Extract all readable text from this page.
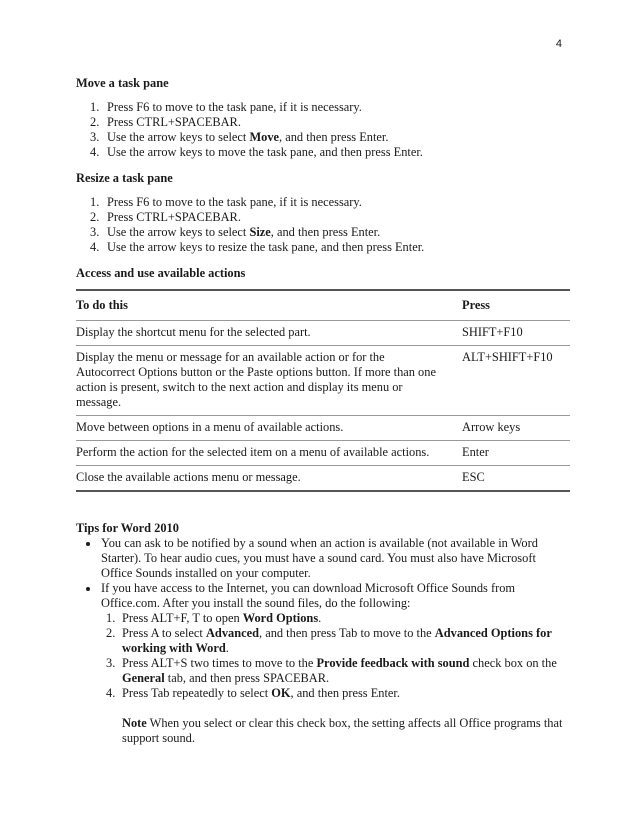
4
Move a task pane
1. Press F6 to move to the task pane, if it is necessary.
2. Press CTRL+SPACEBAR.
3. Use the arrow keys to select Move, and then press Enter.
4. Use the arrow keys to move the task pane, and then press Enter.
Resize a task pane
1. Press F6 to move to the task pane, if it is necessary.
2. Press CTRL+SPACEBAR.
3. Use the arrow keys to select Size, and then press Enter.
4. Use the arrow keys to resize the task pane, and then press Enter.
Access and use available actions
To do this	Press
Display the shortcut menu for the selected part.	SHIFT+F10
Display the menu or message for an available action or for the Autocorrect Options button or the Paste options button. If more than one action is present, switch to the next action and display its menu or message.	ALT+SHIFT+F10
Move between options in a menu of available actions.	Arrow keys
Perform the action for the selected item on a menu of available actions.	Enter
Close the available actions menu or message.	ESC
Tips for Word 2010
You can ask to be notified by a sound when an action is available (not available in Word Starter). To hear audio cues, you must have a sound card. You must also have Microsoft Office Sounds installed on your computer.
If you have access to the Internet, you can download Microsoft Office Sounds from Office.com. After you install the sound files, do the following:
1. Press ALT+F, T to open Word Options.
2. Press A to select Advanced, and then press Tab to move to the Advanced Options for working with Word.
3. Press ALT+S two times to move to the Provide feedback with sound check box on the General tab, and then press SPACEBAR.
4. Press Tab repeatedly to select OK, and then press Enter.
Note When you select or clear this check box, the setting affects all Office programs that support sound.
